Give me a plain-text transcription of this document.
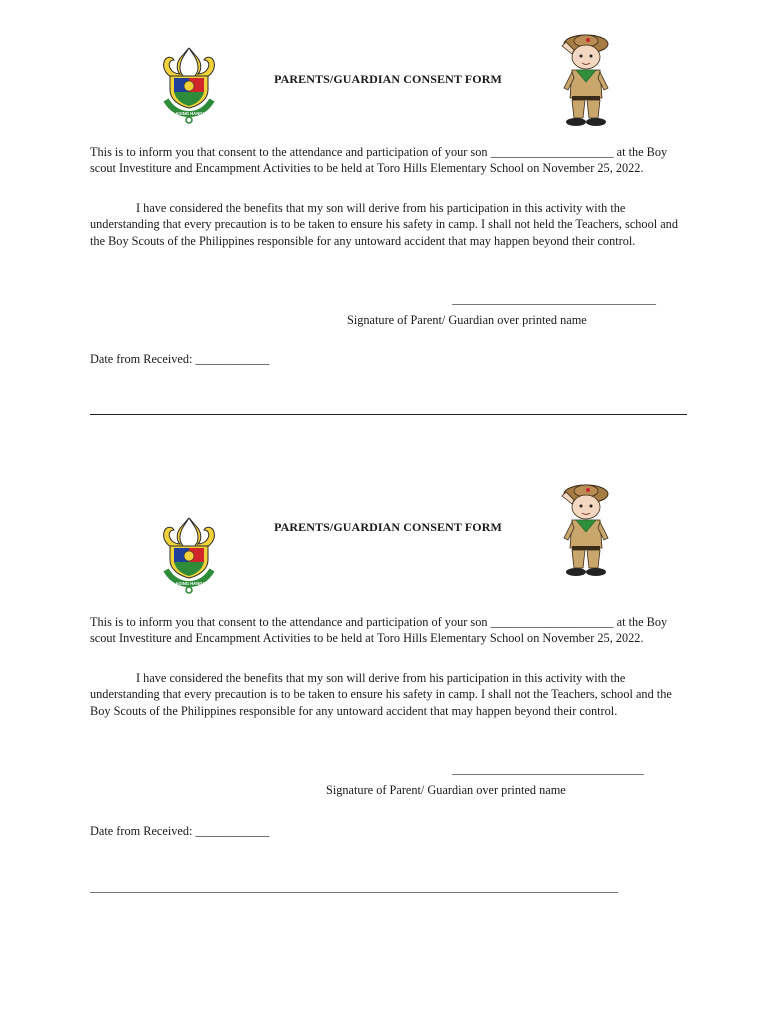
LAGING HANDA
PARENTS/GUARDIAN CONSENT FORM

This is to inform you that consent to the attendance and participation of your son ____________________ at the Boy scout Investiture and Encampment Activities to be held at Toro Hills Elementary School on November 25, 2022.

I have considered the benefits that my son will derive from his participation in this activity with the understanding that every precaution is to be taken to ensure his safety in camp. I shall not held the Teachers, school and the Boy Scouts of the Philippines responsible for any untoward accident that may happen beyond their control.

__________________________________
Signature of Parent/ Guardian over printed name
Date from Received: ____________
LAGING HANDA
PARENTS/GUARDIAN CONSENT FORM

This is to inform you that consent to the attendance and participation of your son ____________________ at the Boy scout Investiture and Encampment Activities to be held at Toro Hills Elementary School on November 25, 2022.

I have considered the benefits that my son will derive from his participation in this activity with the understanding that every precaution is to be taken to ensure his safety in camp. I shall not the Teachers, school and the Boy Scouts of the Philippines responsible for any untoward accident that may happen beyond their control.

________________________________
Signature of Parent/ Guardian over printed name
Date from Received: ____________
________________________________________________________________________________________
